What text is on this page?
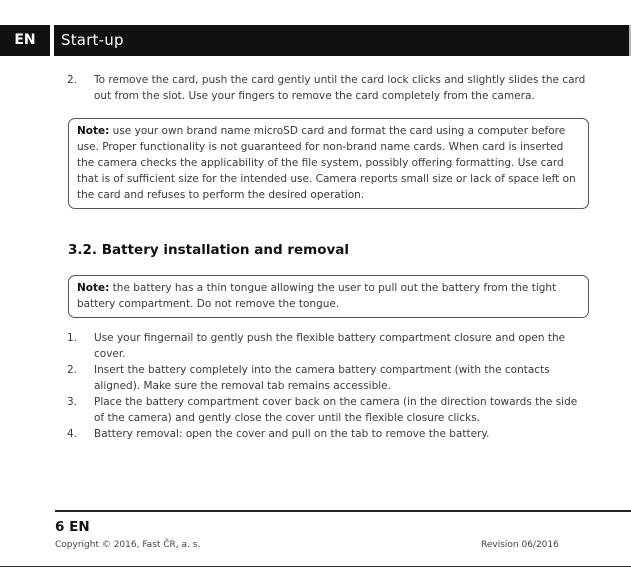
EN	Start-up
2. To remove the card, push the card gently until the card lock clicks and slightly slides the card out from the slot. Use your fingers to remove the card completely from the camera.
Note: use your own brand name microSD card and format the card using a computer before use. Proper functionality is not guaranteed for non-brand name cards. When card is inserted the camera checks the applicability of the file system, possibly offering formatting. Use card that is of sufficient size for the intended use. Camera reports small size or lack of space left on the card and refuses to perform the desired operation.
3.2. Battery installation and removal
Note: the battery has a thin tongue allowing the user to pull out the battery from the tight battery compartment. Do not remove the tongue.
1. Use your fingernail to gently push the flexible battery compartment closure and open the cover.
2. Insert the battery completely into the camera battery compartment (with the contacts aligned). Make sure the removal tab remains accessible.
3. Place the battery compartment cover back on the camera (in the direction towards the side of the camera) and gently close the cover until the flexible closure clicks.
4. Battery removal: open the cover and pull on the tab to remove the battery.
6 EN
Copyright © 2016, Fast ČR, a. s.	Revision 06/2016
